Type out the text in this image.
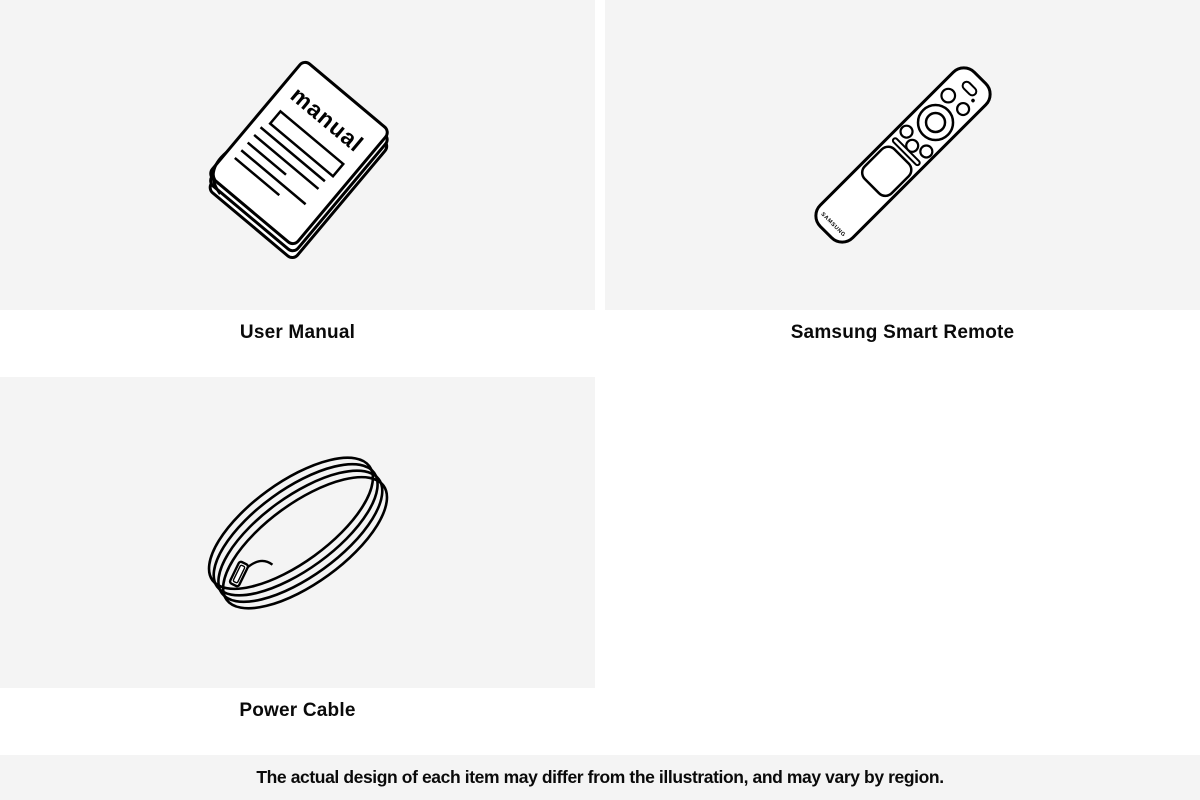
manual
SAMSUNG
User Manual	Samsung Smart Remote
Power Cable
The actual design of each item may differ from the illustration, and may vary by region.
